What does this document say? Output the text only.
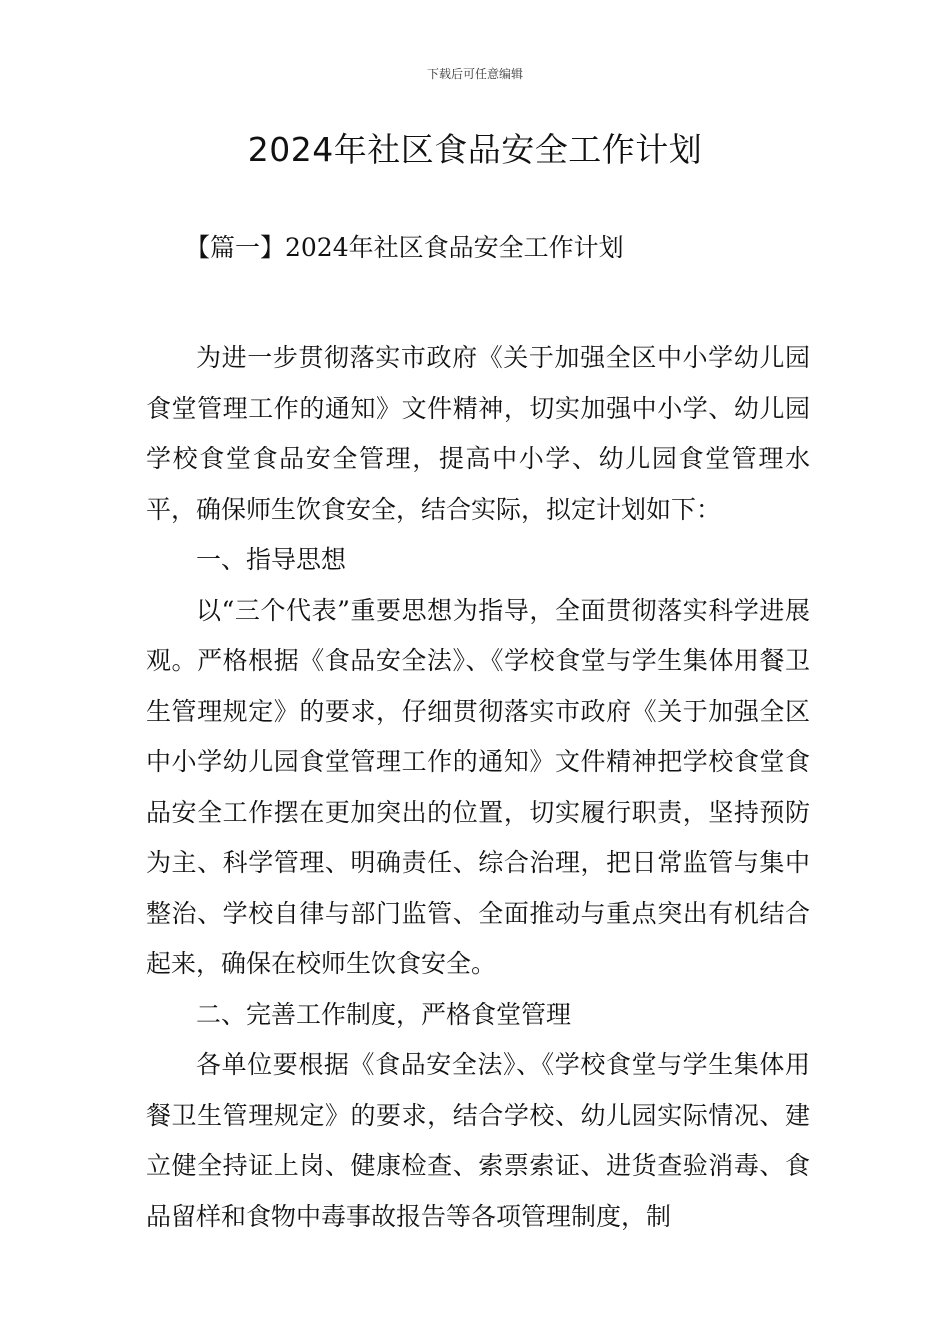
下载后可任意编辑
2024年社区食品安全工作计划
【篇一】2024年社区食品安全工作计划

为进一步贯彻落实市政府《关于加强全区中小学幼儿园食堂管理工作的通知》文件精神，切实加强中小学、幼儿园学校食堂食品安全管理，提高中小学、幼儿园食堂管理水平，确保师生饮食安全，结合实际，拟定计划如下：

一、指导思想

以“三个代表”重要思想为指导，全面贯彻落实科学进展观。严格根据《食品安全法》、《学校食堂与学生集体用餐卫生管理规定》的要求，仔细贯彻落实市政府《关于加强全区中小学幼儿园食堂管理工作的通知》文件精神把学校食堂食品安全工作摆在更加突出的位置，切实履行职责，坚持预防为主、科学管理、明确责任、综合治理，把日常监管与集中整治、学校自律与部门监管、全面推动与重点突出有机结合起来，确保在校师生饮食安全。

二、完善工作制度，严格食堂管理

各单位要根据《食品安全法》、《学校食堂与学生集体用餐卫生管理规定》的要求，结合学校、幼儿园实际情况、建立健全持证上岗、健康检查、索票索证、进货查验消毒、食品留样和食物中毒事故报告等各项管理制度，制
